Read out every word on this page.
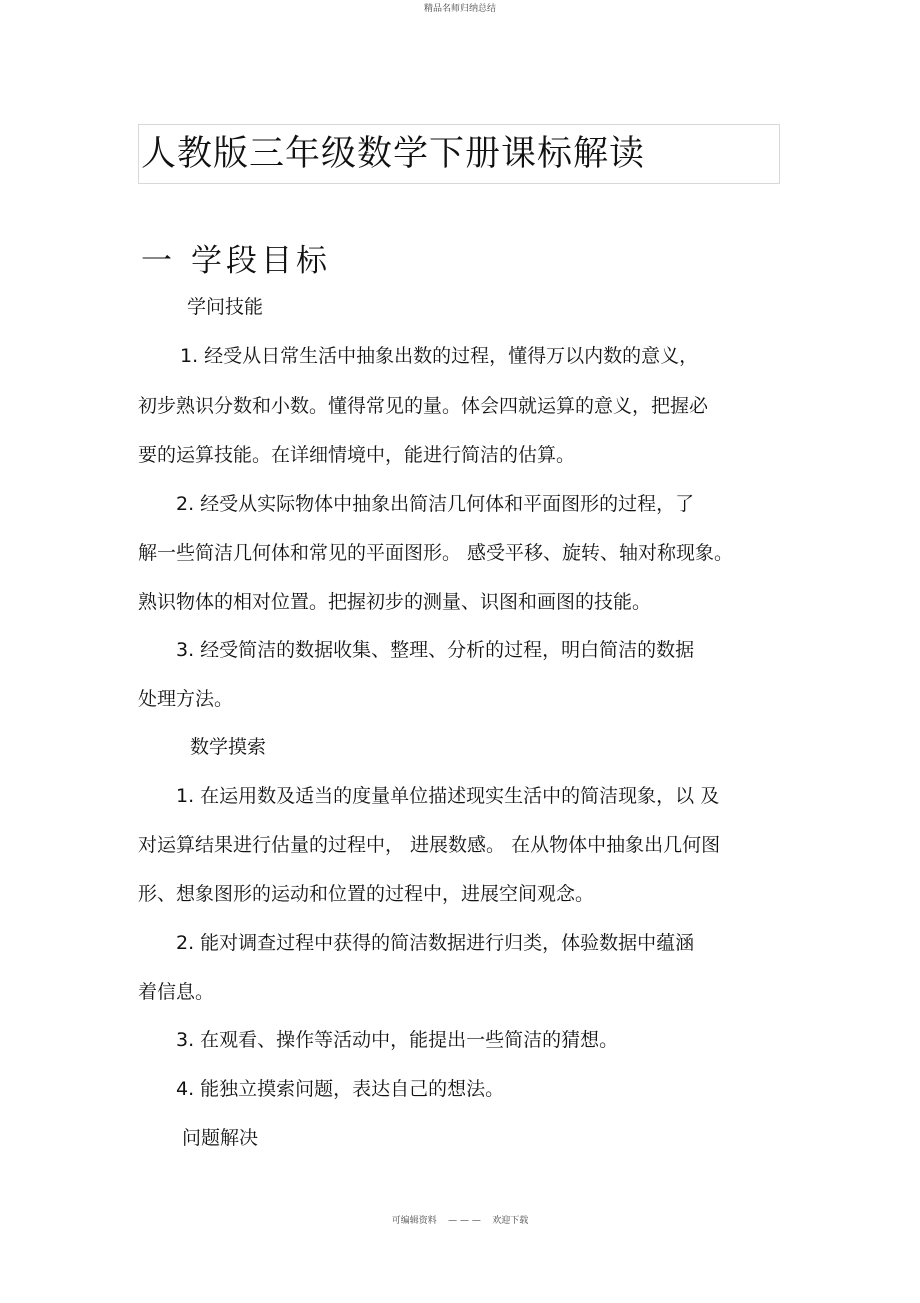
精品名师归纳总结
人教版三年级数学下册课标解读
一 学段目标
学问技能
1. 经受从日常生活中抽象出数的过程，懂得万以内数的意义，
初步熟识分数和小数。懂得常见的量。体会四就运算的意义，把握必
要的运算技能。在详细情境中，能进行简洁的估算。
2. 经受从实际物体中抽象出简洁几何体和平面图形的过程，了
解一些简洁几何体和常见的平面图形。 感受平移、旋转、轴对称现象。
熟识物体的相对位置。把握初步的测量、识图和画图的技能。
3. 经受简洁的数据收集、整理、分析的过程，明白简洁的数据
处理方法。
数学摸索
1. 在运用数及适当的度量单位描述现实生活中的简洁现象，以 及
对运算结果进行估量的过程中， 进展数感。 在从物体中抽象出几何图
形、想象图形的运动和位置的过程中，进展空间观念。
2. 能对调查过程中获得的简洁数据进行归类，体验数据中蕴涵
着信息。
3. 在观看、操作等活动中，能提出一些简洁的猜想。
4. 能独立摸索问题，表达自己的想法。
问题解决
可编辑资料    — — —    欢迎下载
